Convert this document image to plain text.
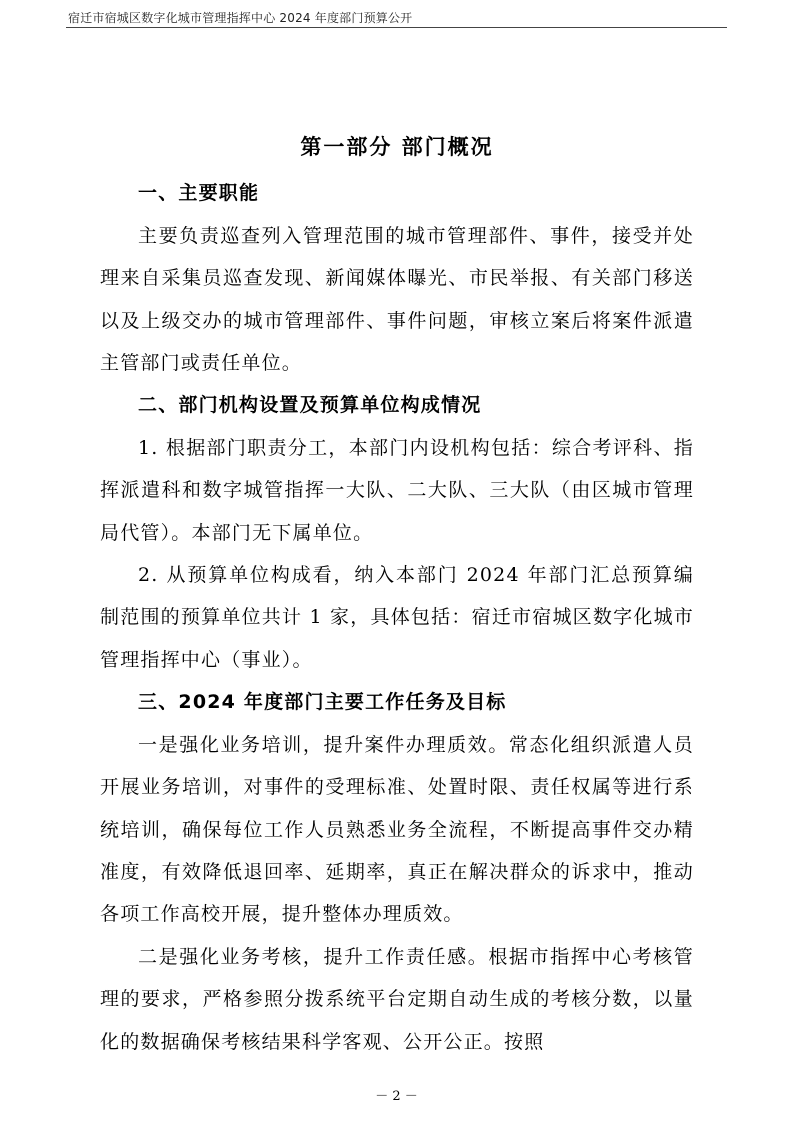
宿迁市宿城区数字化城市管理指挥中心 2024 年度部门预算公开
第一部分 部门概况
一、主要职能
主要负责巡查列入管理范围的城市管理部件、事件，接受并处理来自采集员巡查发现、新闻媒体曝光、市民举报、有关部门移送以及上级交办的城市管理部件、事件问题，审核立案后将案件派遣主管部门或责任单位。
二、部门机构设置及预算单位构成情况
1. 根据部门职责分工，本部门内设机构包括：综合考评科、指挥派遣科和数字城管指挥一大队、二大队、三大队（由区城市管理局代管）。本部门无下属单位。
2. 从预算单位构成看，纳入本部门 2024 年部门汇总预算编制范围的预算单位共计 1 家，具体包括：宿迁市宿城区数字化城市管理指挥中心（事业）。
三、2024 年度部门主要工作任务及目标
一是强化业务培训，提升案件办理质效。常态化组织派遣人员开展业务培训，对事件的受理标准、处置时限、责任权属等进行系统培训，确保每位工作人员熟悉业务全流程，不断提高事件交办精准度，有效降低退回率、延期率，真正在解决群众的诉求中，推动各项工作高校开展，提升整体办理质效。
二是强化业务考核，提升工作责任感。根据市指挥中心考核管理的要求，严格参照分拨系统平台定期自动生成的考核分数，以量化的数据确保考核结果科学客观、公开公正。按照
－ 2 －
